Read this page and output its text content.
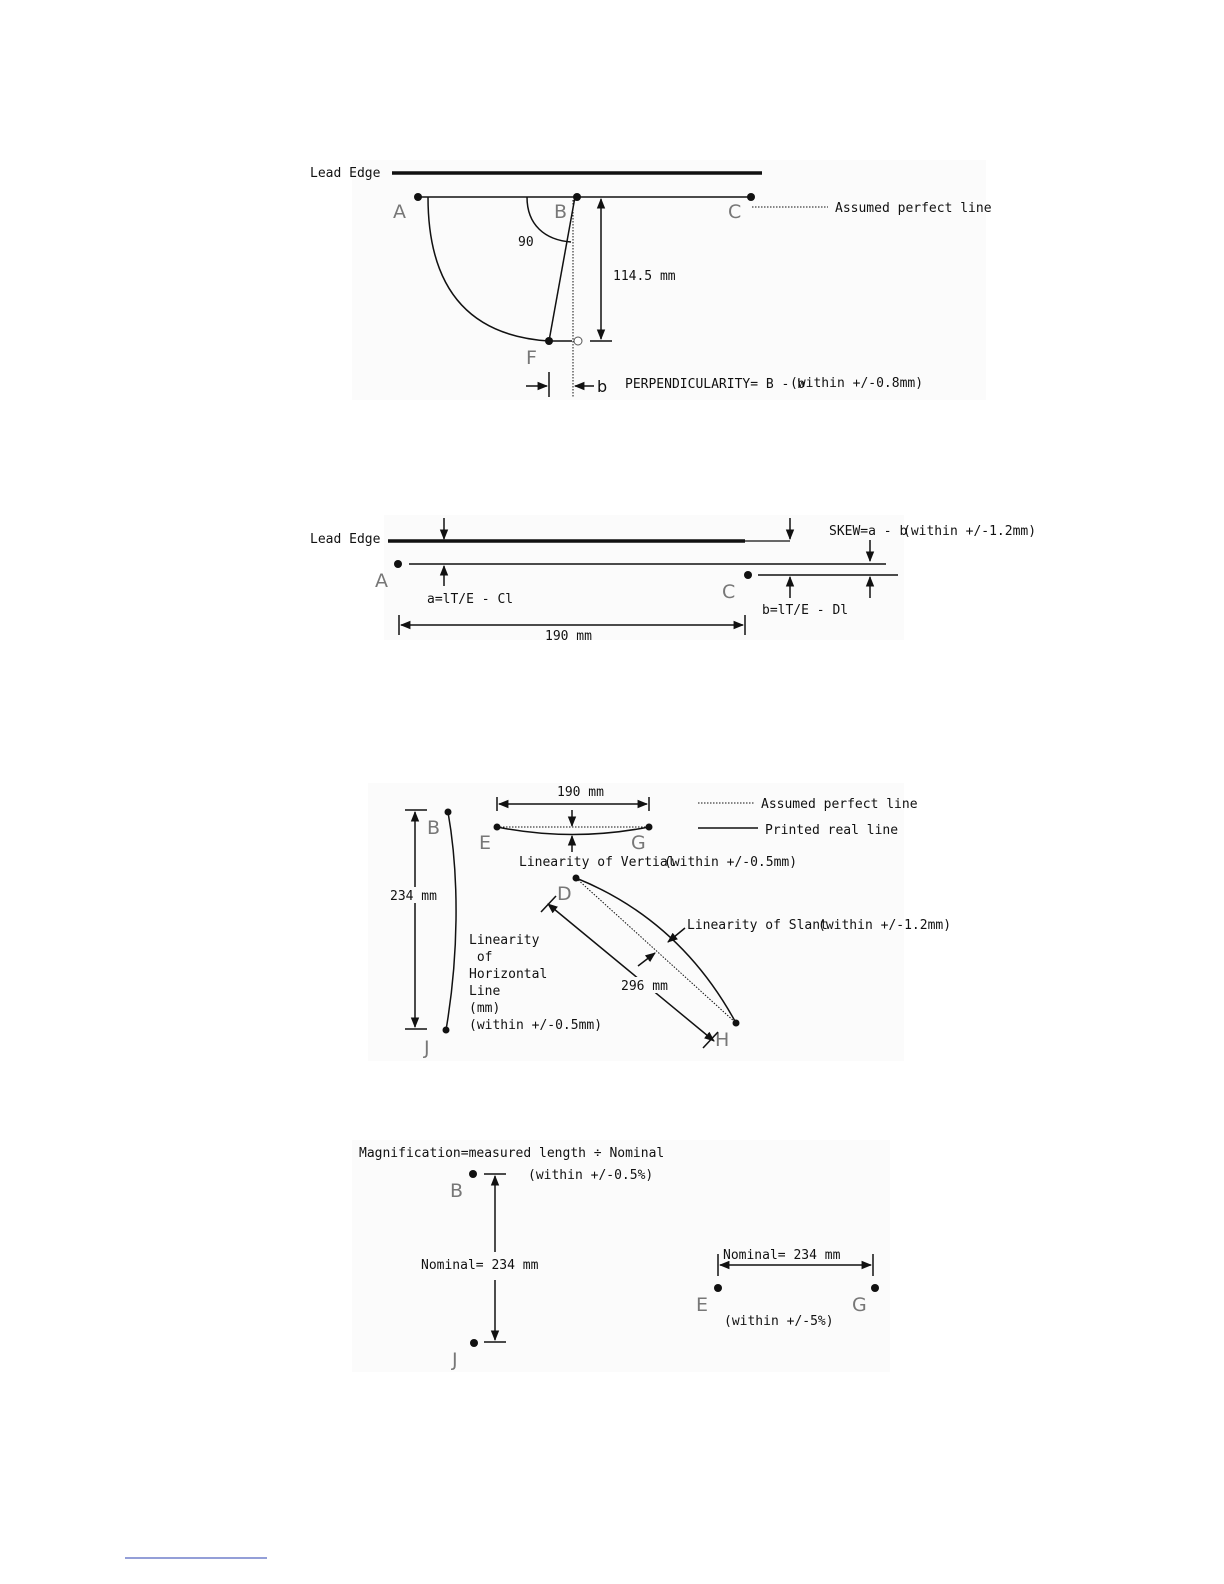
Lead Edge
A	B	C	Assumed perfect line
90
F
114.5 mm
b PERPENDICULARITY= B - b
(within +/-0.8mm)
Lead Edge
SKEW=a - b
(within +/-1.2mm)
A
a=lT/E - Cl	C
b=lT/E - Dl
190 mm
190 mm
E	G
Linearity of Vertial
(within +/-0.5mm)
Assumed perfect line
Printed real line
234 mm
B
J
Linearity
of
Horizontal
Line
(mm)
(within +/-0.5mm)
D
H
296 mm
Linearity of Slant
(within +/-1.2mm)
Magnification=measured length ÷ Nominal
(within +/-0.5%)
B
Nominal= 234 mm
J
Nominal= 234 mm
E	G
(within +/-5%)
